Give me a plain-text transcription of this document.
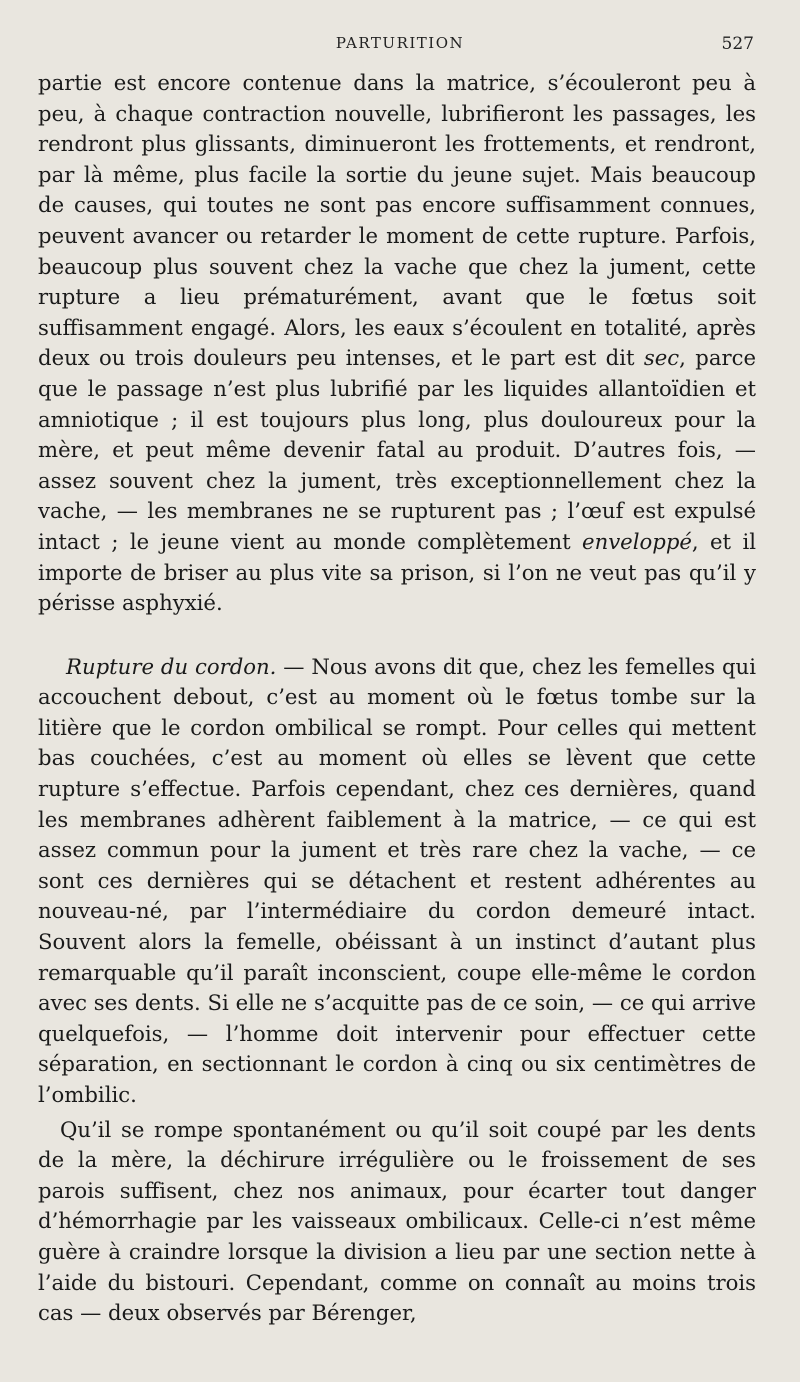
PARTURITION	527

partie est encore contenue dans la matrice, s’écouleront peu à peu, à chaque contraction nouvelle, lubrifieront les passages, les rendront plus glissants, diminueront les frottements, et rendront, par là même, plus facile la sortie du jeune sujet. Mais beaucoup de causes, qui toutes ne sont pas encore suffisamment connues, peuvent avancer ou retarder le moment de cette rupture. Parfois, beaucoup plus souvent chez la vache que chez la jument, cette rupture a lieu prématurément, avant que le fœtus soit suffisamment engagé. Alors, les eaux s’écoulent en totalité, après deux ou trois douleurs peu intenses, et le part est dit sec, parce que le passage n’est plus lubrifié par les liquides allantoïdien et amniotique ; il est toujours plus long, plus douloureux pour la mère, et peut même devenir fatal au produit. D’autres fois, — assez souvent chez la jument, très exceptionnellement chez la vache, — les membranes ne se rupturent pas ; l’œuf est expulsé intact ; le jeune vient au monde complètement enveloppé, et il importe de briser au plus vite sa prison, si l’on ne veut pas qu’il y périsse asphyxié.

Rupture du cordon. — Nous avons dit que, chez les femelles qui accouchent debout, c’est au moment où le fœtus tombe sur la litière que le cordon ombilical se rompt. Pour celles qui mettent bas couchées, c’est au moment où elles se lèvent que cette rupture s’effectue. Parfois cependant, chez ces dernières, quand les membranes adhèrent faiblement à la matrice, — ce qui est assez commun pour la jument et très rare chez la vache, — ce sont ces dernières qui se détachent et restent adhérentes au nouveau-né, par l’intermédiaire du cordon demeuré intact. Souvent alors la femelle, obéissant à un instinct d’autant plus remarquable qu’il paraît inconscient, coupe elle-même le cordon avec ses dents. Si elle ne s’acquitte pas de ce soin, — ce qui arrive quelquefois, — l’homme doit intervenir pour effectuer cette séparation, en sectionnant le cordon à cinq ou six centimètres de l’ombilic.

Qu’il se rompe spontanément ou qu’il soit coupé par les dents de la mère, la déchirure irrégulière ou le froissement de ses parois suffisent, chez nos animaux, pour écarter tout danger d’hémorrhagie par les vaisseaux ombilicaux. Celle-ci n’est même guère à craindre lorsque la division a lieu par une section nette à l’aide du bistouri. Cependant, comme on connaît au moins trois cas — deux observés par Bérenger,
